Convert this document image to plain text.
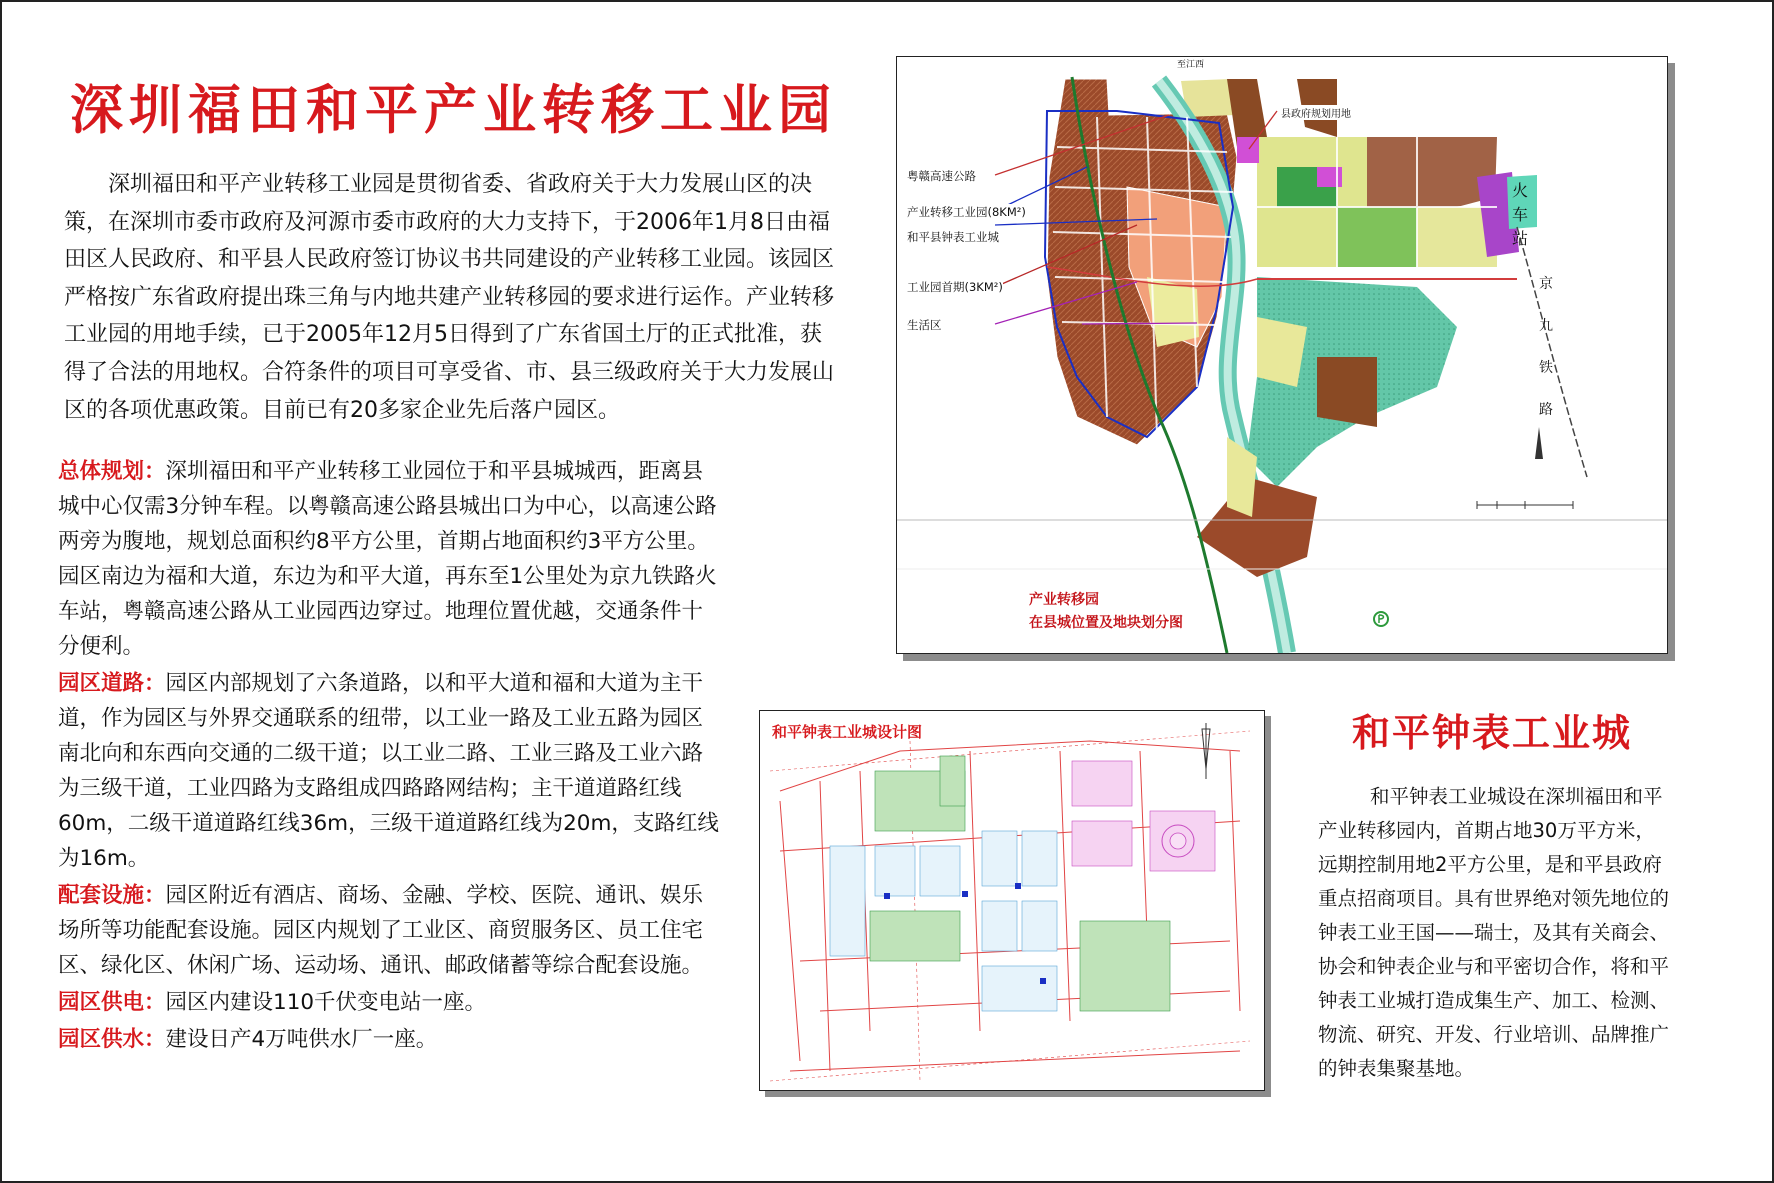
深圳福田和平产业转移工业园
深圳福田和平产业转移工业园是贯彻省委、省政府关于大力发展山区的决策，在深圳市委市政府及河源市委市政府的大力支持下，于2006年1月8日由福田区人民政府、和平县人民政府签订协议书共同建设的产业转移工业园。该园区严格按广东省政府提出珠三角与内地共建产业转移园的要求进行运作。产业转移工业园的用地手续，已于2005年12月5日得到了广东省国土厅的正式批准，获得了合法的用地权。合符条件的项目可享受省、市、县三级政府关于大力发展山区的各项优惠政策。目前已有20多家企业先后落户园区。
总体规划：深圳福田和平产业转移工业园位于和平县城城西，距离县城中心仅需3分钟车程。以粤赣高速公路县城出口为中心，以高速公路两旁为腹地，规划总面积约8平方公里，首期占地面积约3平方公里。园区南边为福和大道，东边为和平大道，再东至1公里处为京九铁路火车站，粤赣高速公路从工业园西边穿过。地理位置优越，交通条件十分便利。
园区道路：园区内部规划了六条道路，以和平大道和福和大道为主干道，作为园区与外界交通联系的纽带，以工业一路及工业五路为园区南北向和东西向交通的二级干道；以工业二路、工业三路及工业六路为三级干道，工业四路为支路组成四路路网结构；主干道道路红线60m，二级干道道路红线36m，三级干道道路红线为20m，支路红线为16m。
配套设施：园区附近有酒店、商场、金融、学校、医院、通讯、娱乐场所等功能配套设施。园区内规划了工业区、商贸服务区、员工住宅区、绿化区、休闲广场、运动场、通讯、邮政储蓄等综合配套设施。
园区供电：园区内建设110千伏变电站一座。
园区供水：建设日产4万吨供水厂一座。
粤赣高速公路
产业转移工业园(8KM²)
和平县钟表工业城
工业园首期(3KM²)
生活区
县政府规划用地
至江西
火
车
站
京
九
铁
路
产业转移园
在县城位置及地块划分图
和平钟表工业城设计图	和平钟表工业城
和平钟表工业城设在深圳福田和平产业转移园内，首期占地30万平方米，远期控制用地2平方公里，是和平县政府重点招商项目。具有世界绝对领先地位的钟表工业王国——瑞士，及其有关商会、协会和钟表企业与和平密切合作，将和平钟表工业城打造成集生产、加工、检测、物流、研究、开发、行业培训、品牌推广的钟表集聚基地。
